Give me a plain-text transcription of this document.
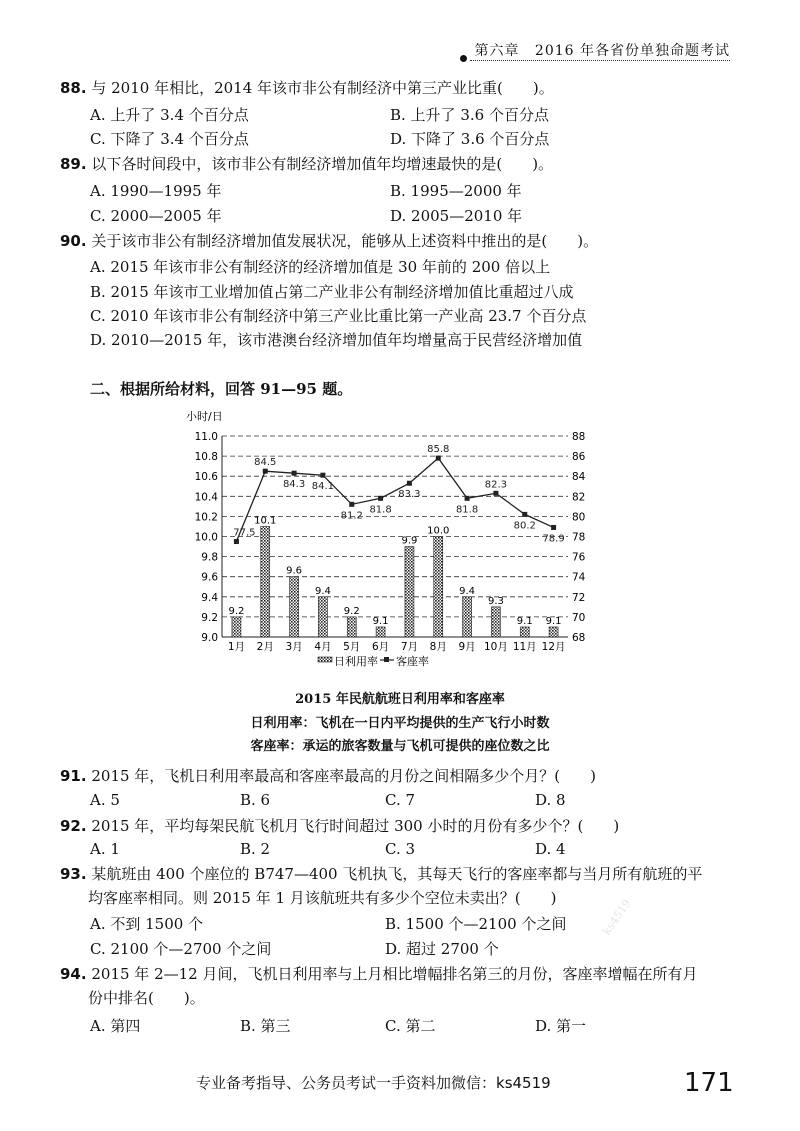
第六章 2016 年各省份单独命题考试
88. 与 2010 年相比，2014 年该市非公有制经济中第三产业比重(　　)。
A. 上升了 3.4 个百分点	B. 上升了 3.6 个百分点
C. 下降了 3.4 个百分点	D. 下降了 3.6 个百分点
89. 以下各时间段中，该市非公有制经济增加值年均增速最快的是(　　)。
A. 1990—1995 年	B. 1995—2000 年
C. 2000—2005 年	D. 2005—2010 年
90. 关于该市非公有制经济增加值发展状况，能够从上述资料中推出的是(　　)。
A. 2015 年该市非公有制经济的经济增加值是 30 年前的 200 倍以上
B. 2015 年该市工业增加值占第二产业非公有制经济增加值比重超过八成
C. 2010 年该市非公有制经济中第三产业比重比第一产业高 23.7 个百分点
D. 2010—2015 年，该市港澳台经济增加值年均增量高于民营经济增加值
二、根据所给材料，回答 91—95 题。
小时/日
9.0
9.2
9.4
9.6
9.8
10.0
10.2
10.4
10.6
10.8
11.0
68
70
72
74
76
78
80
82
84
86
88
1月 2月 3月 4月 5月 6月 7月 8月 9月 10月 11月 12月
9.2
10.1
9.6
9.4
9.2
9.1
9.9
10.0
9.4
9.3
9.1 9.1
77.5
84.5
84.3 84.1
81.2
81.8
83.3
85.8
81.8
82.3
80.2
78.9
日利用率 客座率
2015 年民航航班日利用率和客座率
日利用率：飞机在一日内平均提供的生产飞行小时数
客座率：承运的旅客数量与飞机可提供的座位数之比
91. 2015 年，飞机日利用率最高和客座率最高的月份之间相隔多少个月？(　　)
A. 5	B. 6	C. 7	D. 8
92. 2015 年，平均每架民航飞机月飞行时间超过 300 小时的月份有多少个？(　　)
A. 1	B. 2	C. 3	D. 4
93. 某航班由 400 个座位的 B747—400 飞机执飞，其每天飞行的客座率都与当月所有航班的平
均客座率相同。则 2015 年 1 月该航班共有多少个空位未卖出？(　　)
A. 不到 1500 个	B. 1500 个—2100 个之间
C. 2100 个—2700 个之间	D. 超过 2700 个
94. 2015 年 2—12 月间，飞机日利用率与上月相比增幅排名第三的月份，客座率增幅在所有月
份中排名(　　)。
A. 第四	B. 第三	C. 第二	D. 第一
ks4519
专业备考指导、公务员考试一手资料加微信：ks4519	171
